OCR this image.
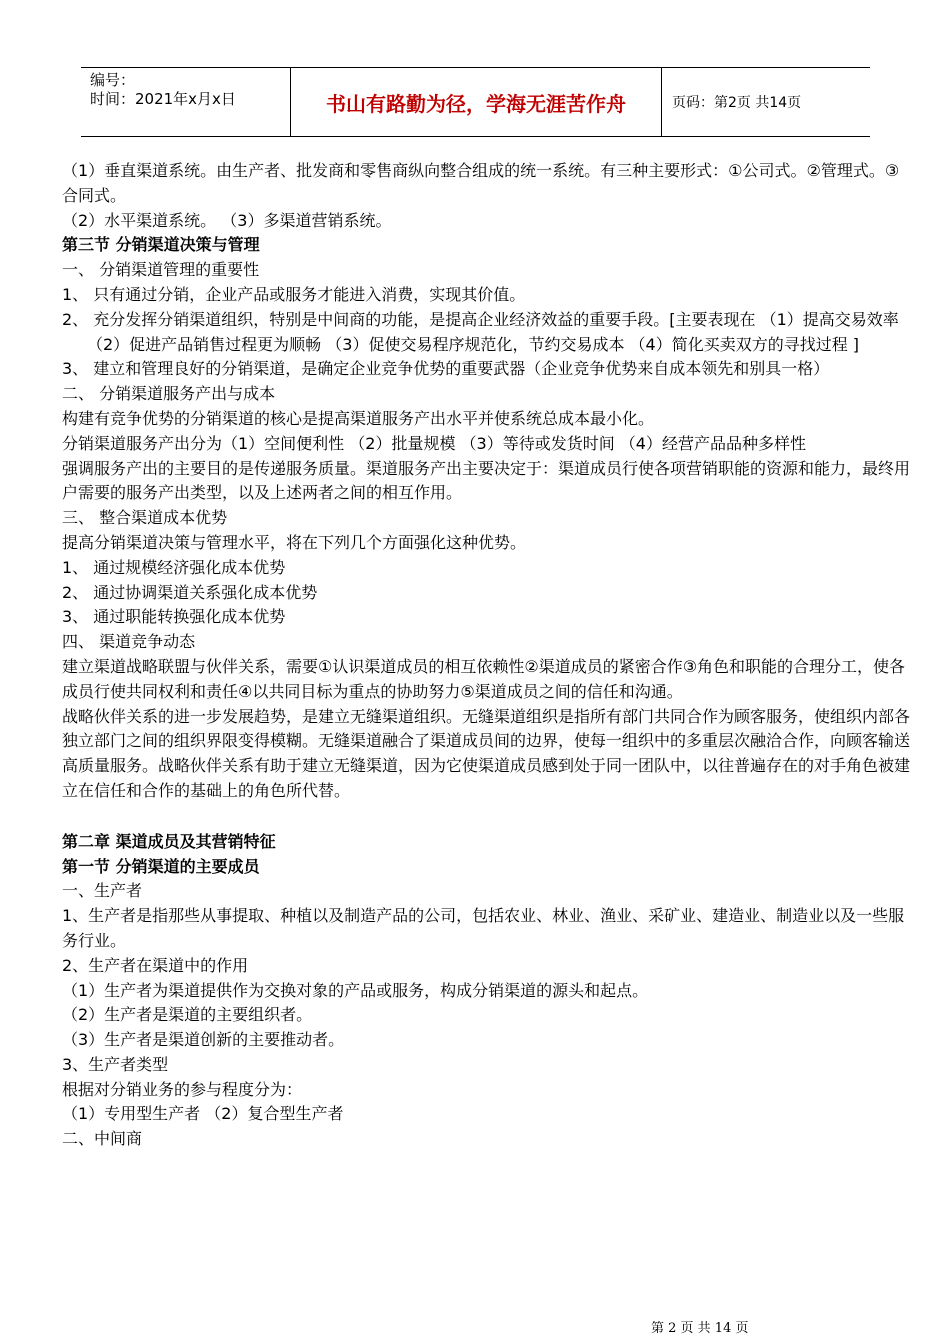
编号：
时间：2021年x月x日	书山有路勤为径，学海无涯苦作舟	页码：第2页 共14页

（1）垂直渠道系统。由生产者、批发商和零售商纵向整合组成的统一系统。有三种主要形式：①公司式。②管理式。③合同式。

（2）水平渠道系统。 （3）多渠道营销系统。

第三节 分销渠道决策与管理

一、 分销渠道管理的重要性

1、 只有通过分销，企业产品或服务才能进入消费，实现其价值。

2、 充分发挥分销渠道组织，特别是中间商的功能，是提高企业经济效益的重要手段。[主要表现在 （1）提高交易效率 （2）促进产品销售过程更为顺畅 （3）促使交易程序规范化，节约交易成本 （4）简化买卖双方的寻找过程 ]

3、 建立和管理良好的分销渠道，是确定企业竞争优势的重要武器（企业竞争优势来自成本领先和别具一格）

二、 分销渠道服务产出与成本

构建有竞争优势的分销渠道的核心是提高渠道服务产出水平并使系统总成本最小化。

分销渠道服务产出分为（1）空间便利性 （2）批量规模 （3）等待或发货时间 （4）经营产品品种多样性

强调服务产出的主要目的是传递服务质量。渠道服务产出主要决定于：渠道成员行使各项营销职能的资源和能力，最终用户需要的服务产出类型，以及上述两者之间的相互作用。

三、 整合渠道成本优势

提高分销渠道决策与管理水平，将在下列几个方面强化这种优势。

1、 通过规模经济强化成本优势

2、 通过协调渠道关系强化成本优势

3、 通过职能转换强化成本优势

四、 渠道竞争动态

建立渠道战略联盟与伙伴关系，需要①认识渠道成员的相互依赖性②渠道成员的紧密合作③角色和职能的合理分工，使各成员行使共同权利和责任④以共同目标为重点的协助努力⑤渠道成员之间的信任和沟通。

战略伙伴关系的进一步发展趋势，是建立无缝渠道组织。无缝渠道组织是指所有部门共同合作为顾客服务，使组织内部各独立部门之间的组织界限变得模糊。无缝渠道融合了渠道成员间的边界，使每一组织中的多重层次融洽合作，向顾客输送高质量服务。战略伙伴关系有助于建立无缝渠道，因为它使渠道成员感到处于同一团队中，以往普遍存在的对手角色被建立在信任和合作的基础上的角色所代替。

第二章 渠道成员及其营销特征

第一节 分销渠道的主要成员

一、生产者

1、生产者是指那些从事提取、种植以及制造产品的公司，包括农业、林业、渔业、采矿业、建造业、制造业以及一些服务行业。

2、生产者在渠道中的作用

（1）生产者为渠道提供作为交换对象的产品或服务，构成分销渠道的源头和起点。

（2）生产者是渠道的主要组织者。

（3）生产者是渠道创新的主要推动者。

3、生产者类型

根据对分销业务的参与程度分为：

（1）专用型生产者 （2）复合型生产者

二、中间商

第 2 页 共 14 页
